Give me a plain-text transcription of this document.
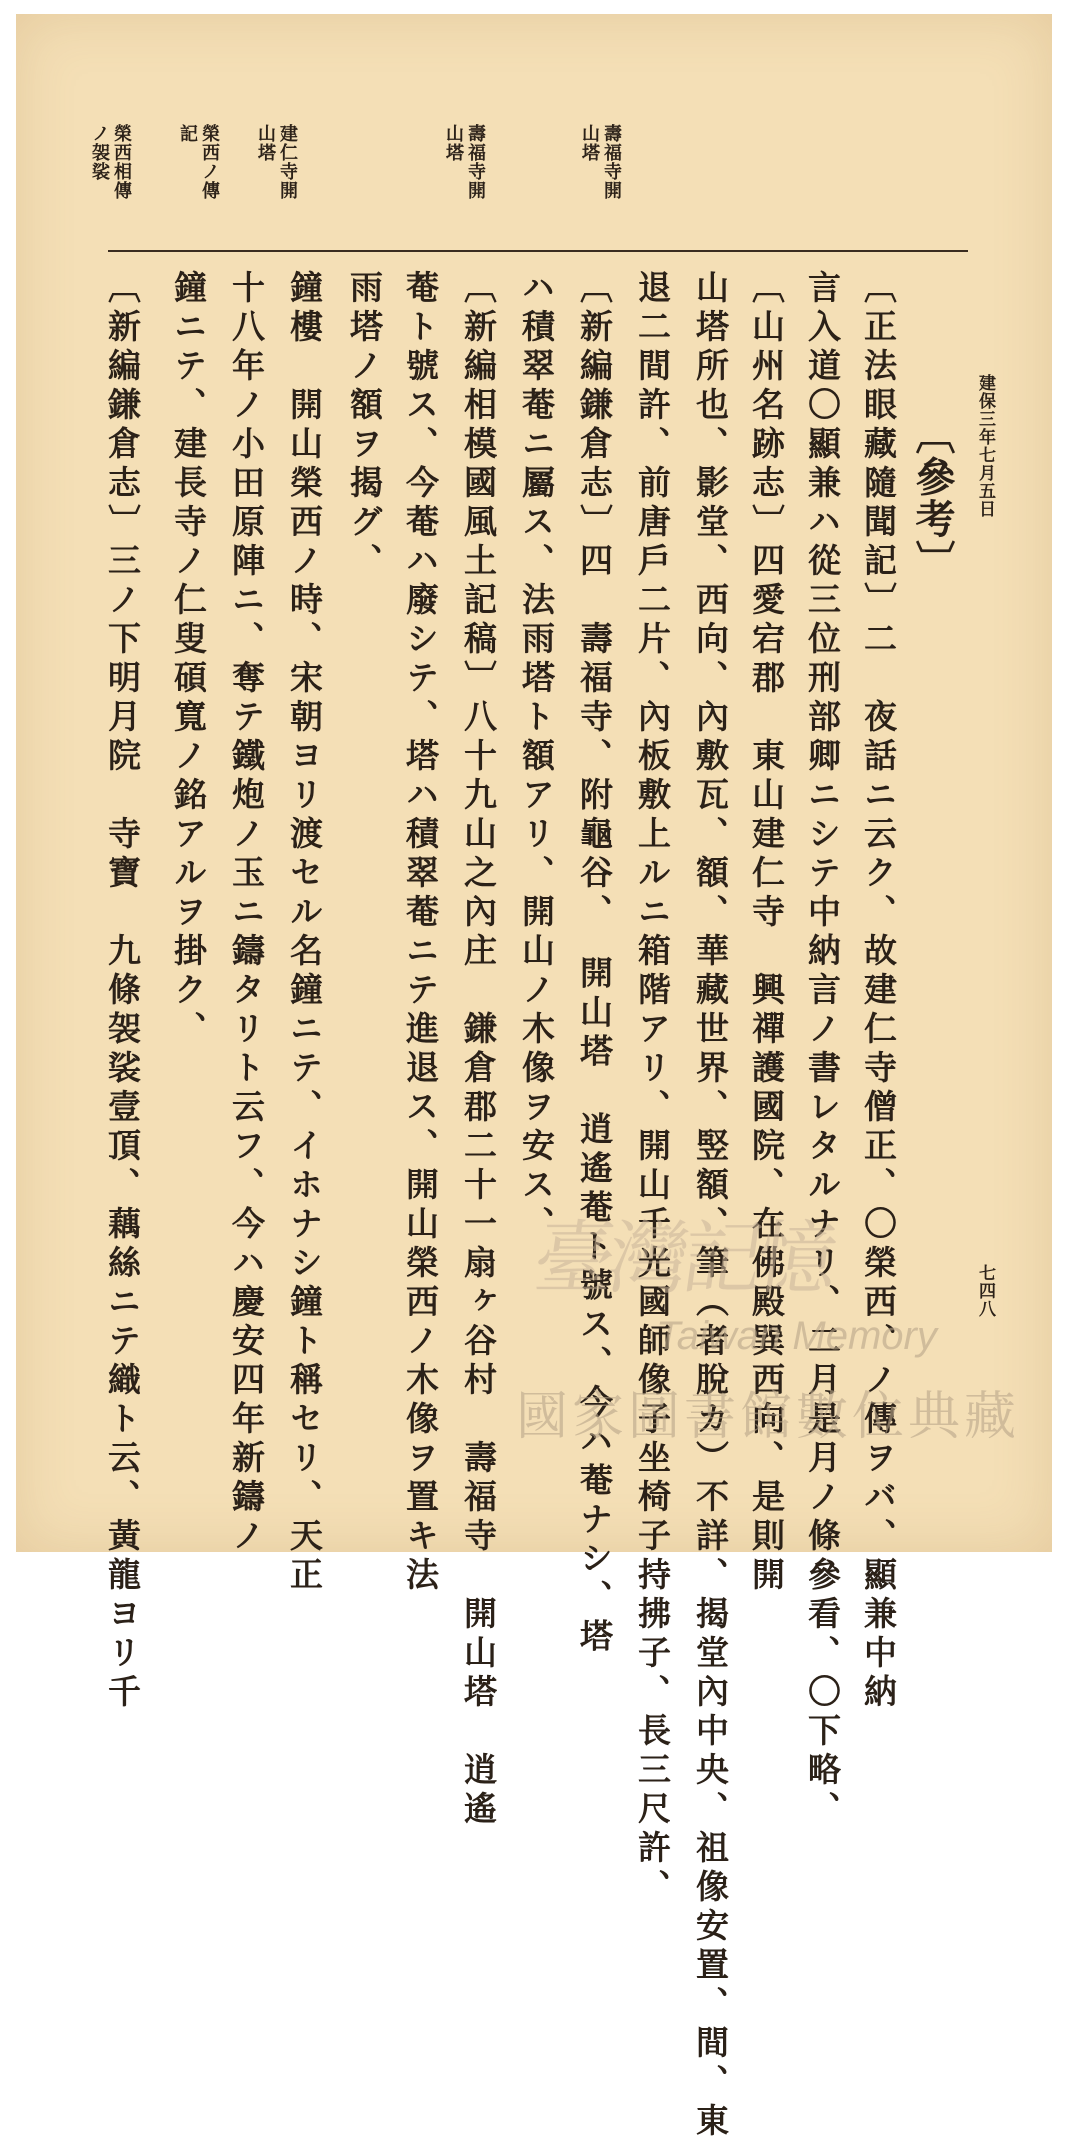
建保三年七月五日
七四八
榮西ノ傳記	建仁寺開山塔	壽福寺開山塔
壽福寺開山塔
榮西相傳ノ袈裟
〔參考〕
〔正法眼藏隨聞記〕二　夜話ニ云ク、故建仁寺僧正、〇榮西、ノ傳ヲバ、顯兼中納
言入道〇顯兼ハ從三位刑部卿ニシテ中納言ノ書レタルナリ、二月是月ノ條參看、〇下略、
〔山州名跡志〕四愛宕郡　東山建仁寺　興禪護國院、在佛殿巽西向、是則開
山塔所也、影堂、西向、內敷瓦、額、華藏世界、竪額、筆（者脫カ）不詳、揭堂內中央、祖像安置、間、東
退二間許、前唐戶二片、內板敷上ルニ箱階アリ、開山千光國師像子坐椅子持拂子、長三尺許、
〔新編鎌倉志〕四　壽福寺、附龜谷、　開山塔　逍遙菴ト號ス、今ハ菴ナシ、塔
ハ積翠菴ニ屬ス、法雨塔ト額アリ、開山ノ木像ヲ安ス、
〔新編相模國風土記稿〕八十九山之內庄　鎌倉郡二十一扇ヶ谷村　壽福寺　開山塔　逍遙
菴ト號ス、今菴ハ廢シテ、塔ハ積翠菴ニテ進退ス、開山榮西ノ木像ヲ置キ法
雨塔ノ額ヲ揭グ、
鐘樓　開山榮西ノ時、宋朝ヨリ渡セル名鐘ニテ、イホナシ鐘ト稱セリ、天正
十八年ノ小田原陣ニ、奪テ鐵炮ノ玉ニ鑄タリト云フ、今ハ慶安四年新鑄ノ
鐘ニテ、建長寺ノ仁叟碩寬ノ銘アルヲ掛ク、
〔新編鎌倉志〕三ノ下明月院　寺寶　九條袈裟壹頂、藕絲ニテ織ト云、黃龍ヨリ千	臺灣記憶
Taiwan Memory
國家圖書館數位典藏
